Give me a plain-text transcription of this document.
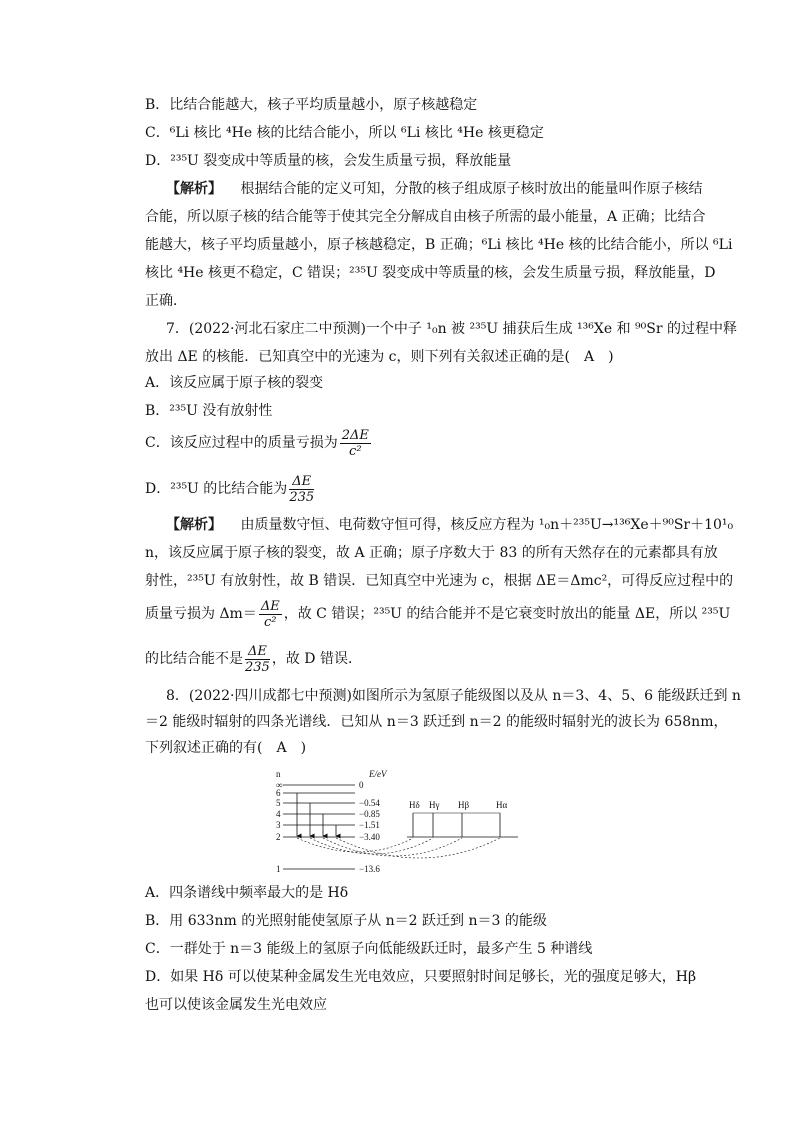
B．比结合能越大，核子平均质量越小，原子核越稳定
C．⁶Li 核比 ⁴He 核的比结合能小，所以 ⁶Li 核比 ⁴He 核更稳定
D．²³⁵U 裂变成中等质量的核，会发生质量亏损，释放能量
【解析】 根据结合能的定义可知，分散的核子组成原子核时放出的能量叫作原子核结
合能，所以原子核的结合能等于使其完全分解成自由核子所需的最小能量，A 正确；比结合
能越大，核子平均质量越小，原子核越稳定，B 正确；⁶Li 核比 ⁴He 核的比结合能小，所以 ⁶Li
核比 ⁴He 核更不稳定，C 错误；²³⁵U 裂变成中等质量的核，会发生质量亏损，释放能量，D
正确．
7．(2022·河北石家庄二中预测)一个中子 ¹₀n 被 ²³⁵U 捕获后生成 ¹³⁶Xe 和 ⁹⁰Sr 的过程中释
放出 ΔE 的核能．已知真空中的光速为 c，则下列有关叙述正确的是(　A　)
A．该反应属于原子核的裂变
B．²³⁵U 没有放射性
C．该反应过程中的质量亏损为 $\frac{2\Delta E}{\text{c²}}$
D．²³⁵U 的比结合能为 $\frac{\Delta E}{235}$
【解析】 由质量数守恒、电荷数守恒可得，核反应方程为 ¹₀n＋²³⁵U→¹³⁶Xe＋⁹⁰Sr＋10¹₀
n，该反应属于原子核的裂变，故 A 正确；原子序数大于 83 的所有天然存在的元素都具有放
射性，²³⁵U 有放射性，故 B 错误．已知真空中光速为 c，根据 ΔE＝Δmc²，可得反应过程中的
质量亏损为 $\Delta m= \frac{\Delta E}{\text{c²}}$ ，故 C 错误；²³⁵U 的结合能并不是它衰变时放出的能量 ΔE，所以 ²³⁵U
的比结合能不是 $\frac{\Delta E}{235}$ ，故 D 错误．
8．(2022·四川成都七中预测)如图所示为氢原子能级图以及从 n＝3、4、5、6 能级跃迁到 n
＝2 能级时辐射的四条光谱线．已知从 n＝3 跃迁到 n＝2 的能级时辐射光的波长为 658nm，
下列叙述正确的有(　A　)
n	E/eV
∞
6
5
4
3
2
1
0
−0.54
−0.85
−1.51
−3.40
−13.6
Hδ Hγ Hβ	Hα
A．四条谱线中频率最大的是 Hδ
B．用 633nm 的光照射能使氢原子从 n＝2 跃迁到 n＝3 的能级
C．一群处于 n＝3 能级上的氢原子向低能级跃迁时，最多产生 5 种谱线
D．如果 Hδ 可以使某种金属发生光电效应，只要照射时间足够长，光的强度足够大，Hβ
也可以使该金属发生光电效应
